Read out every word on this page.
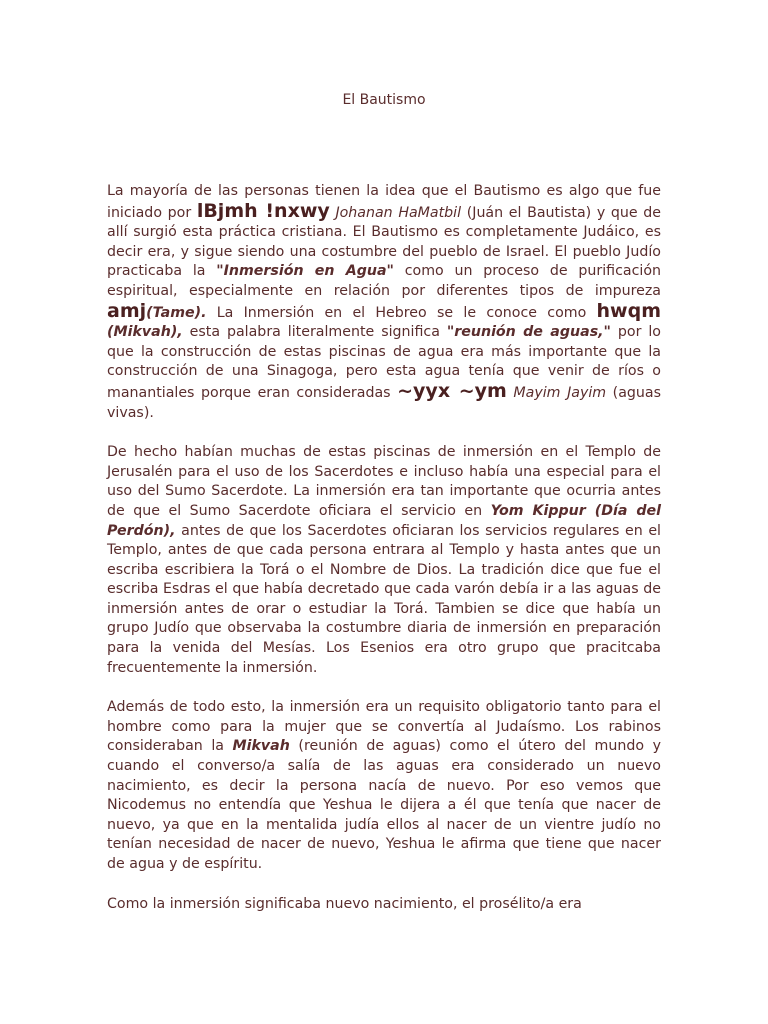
El Bautismo

La mayoría de las personas tienen la idea que el Bautismo es algo que fue iniciado por lBjmh !nxwy Johanan HaMatbil (Juán el Bautista) y que de allí surgió esta práctica cristiana. El Bautismo es completamente Judáico, es decir era, y sigue siendo una costumbre del pueblo de Israel. El pueblo Judío practicaba la "Inmersión en Agua" como un proceso de purificación espiritual, especialmente en relación por diferentes tipos de impureza amj(Tame). La Inmersión en el Hebreo se le conoce como hwqm (Mikvah), esta palabra literalmente significa "reunión de aguas," por lo que la construcción de estas piscinas de agua era más importante que la construcción de una Sinagoga, pero esta agua tenía que venir de ríos o manantiales porque eran consideradas ~yyx ~ym Mayim Jayim (aguas vivas).

De hecho habían muchas de estas piscinas de inmersión en el Templo de Jerusalén para el uso de los Sacerdotes e incluso había una especial para el uso del Sumo Sacerdote. La inmersión era tan importante que ocurria antes de que el Sumo Sacerdote oficiara el servicio en Yom Kippur (Día del Perdón), antes de que los Sacerdotes oficiaran los servicios regulares en el Templo, antes de que cada persona entrara al Templo y hasta antes que un escriba escribiera la Torá o el Nombre de Dios. La tradición dice que fue el escriba Esdras el que había decretado que cada varón debía ir a las aguas de inmersión antes de orar o estudiar la Torá. Tambien se dice que había un grupo Judío que observaba la costumbre diaria de inmersión en preparación para la venida del Mesías. Los Esenios era otro grupo que pracitcaba frecuentemente la inmersión.

Además de todo esto, la inmersión era un requisito obligatorio tanto para el hombre como para la mujer que se convertía al Judaísmo. Los rabinos consideraban la Mikvah (reunión de aguas) como el útero del mundo y cuando el converso/a salía de las aguas era considerado un nuevo nacimiento, es decir la persona nacía de nuevo. Por eso vemos que Nicodemus no entendía que Yeshua le dijera a él que tenía que nacer de nuevo, ya que en la mentalida judía ellos al nacer de un vientre judío no tenían necesidad de nacer de nuevo, Yeshua le afirma que tiene que nacer de agua y de espíritu.

Como la inmersión significaba nuevo nacimiento, el prosélito/a era
